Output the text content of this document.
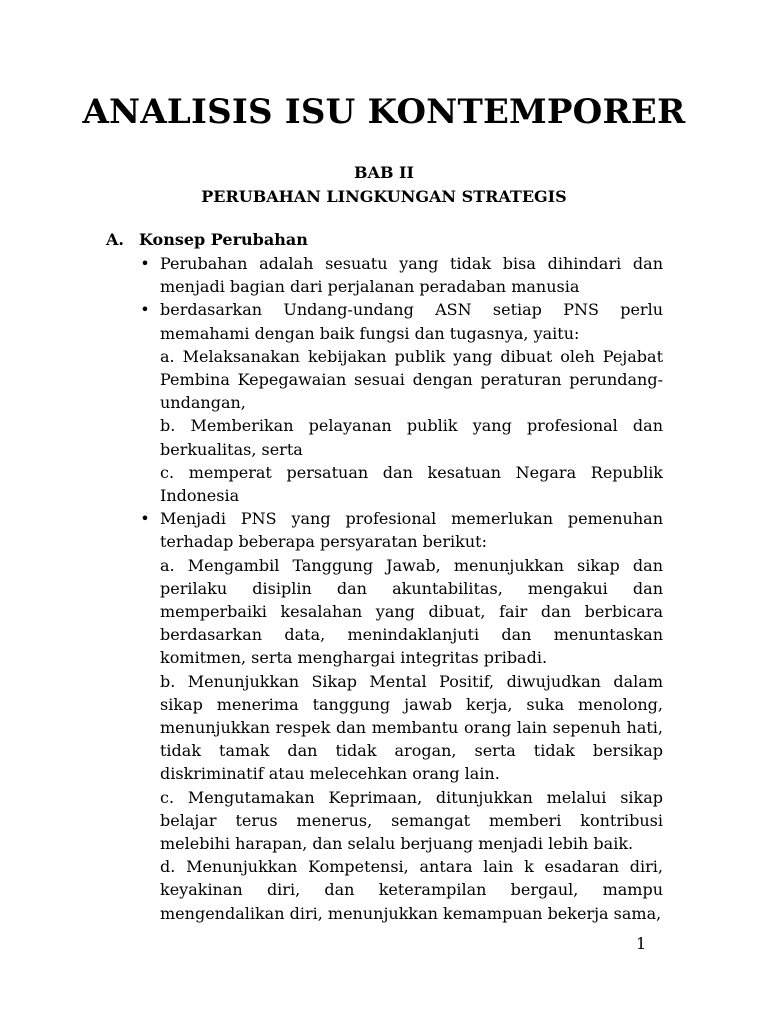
ANALISIS ISU KONTEMPORER
BAB II
PERUBAHAN LINGKUNGAN STRATEGIS
A. Konsep Perubahan
• Perubahan adalah sesuatu yang tidak bisa dihindari dan menjadi bagian dari perjalanan peradaban manusia

• berdasarkan Undang-undang ASN setiap PNS perlu memahami dengan baik fungsi dan tugasnya, yaitu:

a. Melaksanakan kebijakan publik yang dibuat oleh Pejabat Pembina Kepegawaian sesuai dengan peraturan perundang-undangan,

b. Memberikan pelayanan publik yang profesional dan berkualitas, serta

c. memperat persatuan dan kesatuan Negara Republik Indonesia

• Menjadi PNS yang profesional memerlukan pemenuhan terhadap beberapa persyaratan berikut:

a. Mengambil Tanggung Jawab, menunjukkan sikap dan perilaku disiplin dan akuntabilitas, mengakui dan memperbaiki kesalahan yang dibuat, fair dan berbicara berdasarkan data, menindaklanjuti dan menuntaskan komitmen, serta menghargai integritas pribadi.

b. Menunjukkan Sikap Mental Positif, diwujudkan dalam sikap menerima tanggung jawab kerja, suka menolong, menunjukkan respek dan membantu orang lain sepenuh hati, tidak tamak dan tidak arogan, serta tidak bersikap diskriminatif atau melecehkan orang lain.

c. Mengutamakan Keprimaan, ditunjukkan melalui sikap belajar terus menerus, semangat memberi kontribusi melebihi harapan, dan selalu berjuang menjadi lebih baik.

d. Menunjukkan Kompetensi, antara lain k esadaran diri, keyakinan diri, dan keterampilan bergaul, mampu mengendalikan diri, menunjukkan kemampuan bekerja sama,

1
